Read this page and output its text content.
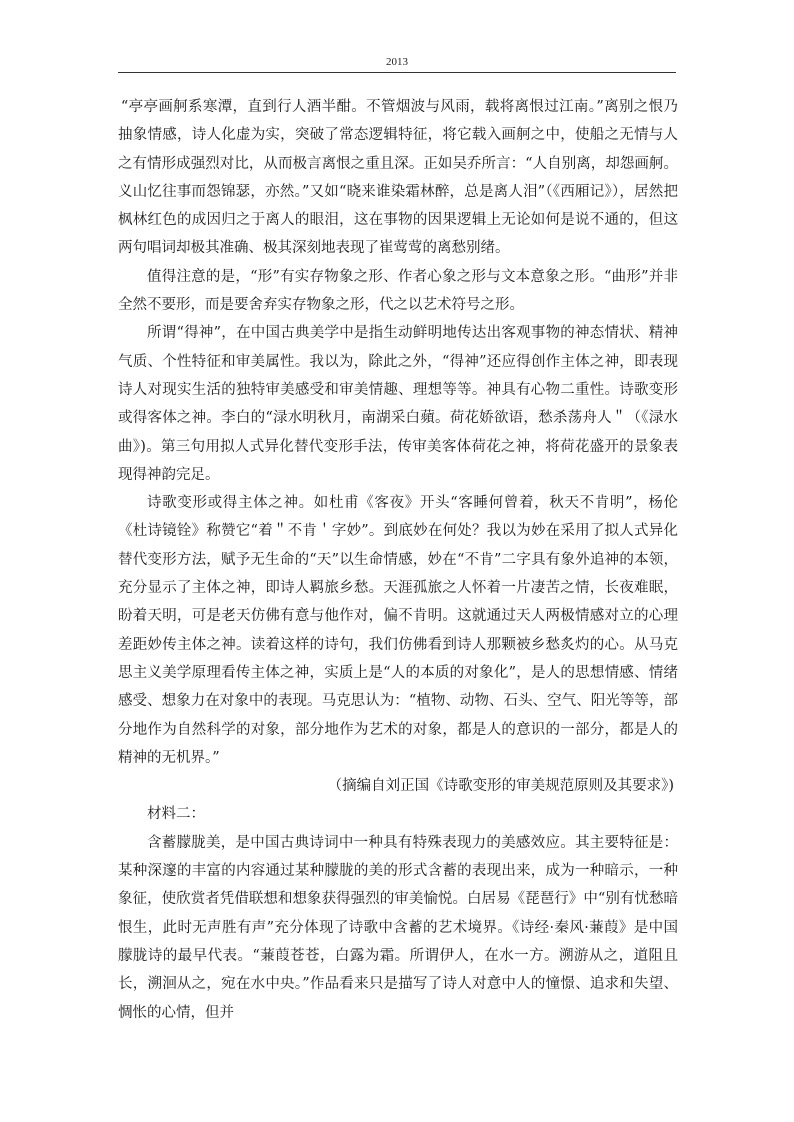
2013

“亭亭画舸系寒潭，直到行人酒半酣。不管烟波与风雨，载将离恨过江南。”离别之恨乃抽象情感，诗人化虚为实，突破了常态逻辑特征，将它载入画舸之中，使船之无情与人之有情形成强烈对比，从而极言离恨之重且深。正如吴乔所言：“人自别离，却怨画舸。义山忆往事而怨锦瑟，亦然。”又如“晓来谁染霜林醉，总是离人泪”（《西厢记》），居然把枫林红色的成因归之于离人的眼泪，这在事物的因果逻辑上无论如何是说不通的，但这两句唱词却极其准确、极其深刻地表现了崔莺莺的离愁别绪。

值得注意的是，“形”有实存物象之形、作者心象之形与文本意象之形。“曲形”并非全然不要形，而是要舍弃实存物象之形，代之以艺术符号之形。

所谓“得神”，在中国古典美学中是指生动鲜明地传达出客观事物的神态情状、精神气质、个性特征和审美属性。我以为，除此之外，“得神”还应得创作主体之神，即表现诗人对现实生活的独特审美感受和审美情趣、理想等等。神具有心物二重性。诗歌变形或得客体之神。李白的“渌水明秋月，南湖采白蘋。荷花娇欲语，愁杀荡舟人＂（《渌水曲》)。第三句用拟人式异化替代变形手法，传审美客体荷花之神，将荷花盛开的景象表现得神韵完足。

诗歌变形或得主体之神。如杜甫《客夜》开头“客睡何曾着，秋天不肯明”，杨伦《杜诗镜铨》称赞它“着＂不肯＇字妙”。到底妙在何处？我以为妙在采用了拟人式异化替代变形方法，赋予无生命的“天”以生命情感，妙在“不肯”二字具有象外追神的本领，充分显示了主体之神，即诗人羁旅乡愁。天涯孤旅之人怀着一片凄苦之情，长夜难眠，盼着天明，可是老天仿佛有意与他作对，偏不肯明。这就通过天人两极情感对立的心理差距妙传主体之神。读着这样的诗句，我们仿佛看到诗人那颗被乡愁炙灼的心。从马克思主义美学原理看传主体之神，实质上是“人的本质的对象化”，是人的思想情感、情绪感受、想象力在对象中的表现。马克思认为：“植物、动物、石头、空气、阳光等等，部分地作为自然科学的对象，部分地作为艺术的对象，都是人的意识的一部分，都是人的精神的无机界。”

（摘编自刘正国《诗歌变形的审美规范原则及其要求》)

材料二：

含蓄朦胧美，是中国古典诗词中一种具有特殊表现力的美感效应。其主要特征是：某种深邃的丰富的内容通过某种朦胧的美的形式含蓄的表现出来，成为一种暗示，一种象征，使欣赏者凭借联想和想象获得强烈的审美愉悦。白居易《琵琶行》中“别有忧愁暗恨生，此时无声胜有声”充分体现了诗歌中含蓄的艺术境界。《诗经·秦风·蒹葭》是中国朦胧诗的最早代表。“蒹葭苍苍，白露为霜。所谓伊人，在水一方。溯游从之，道阻且长，溯洄从之，宛在水中央。”作品看来只是描写了诗人对意中人的憧憬、追求和失望、惆怅的心情，但并
